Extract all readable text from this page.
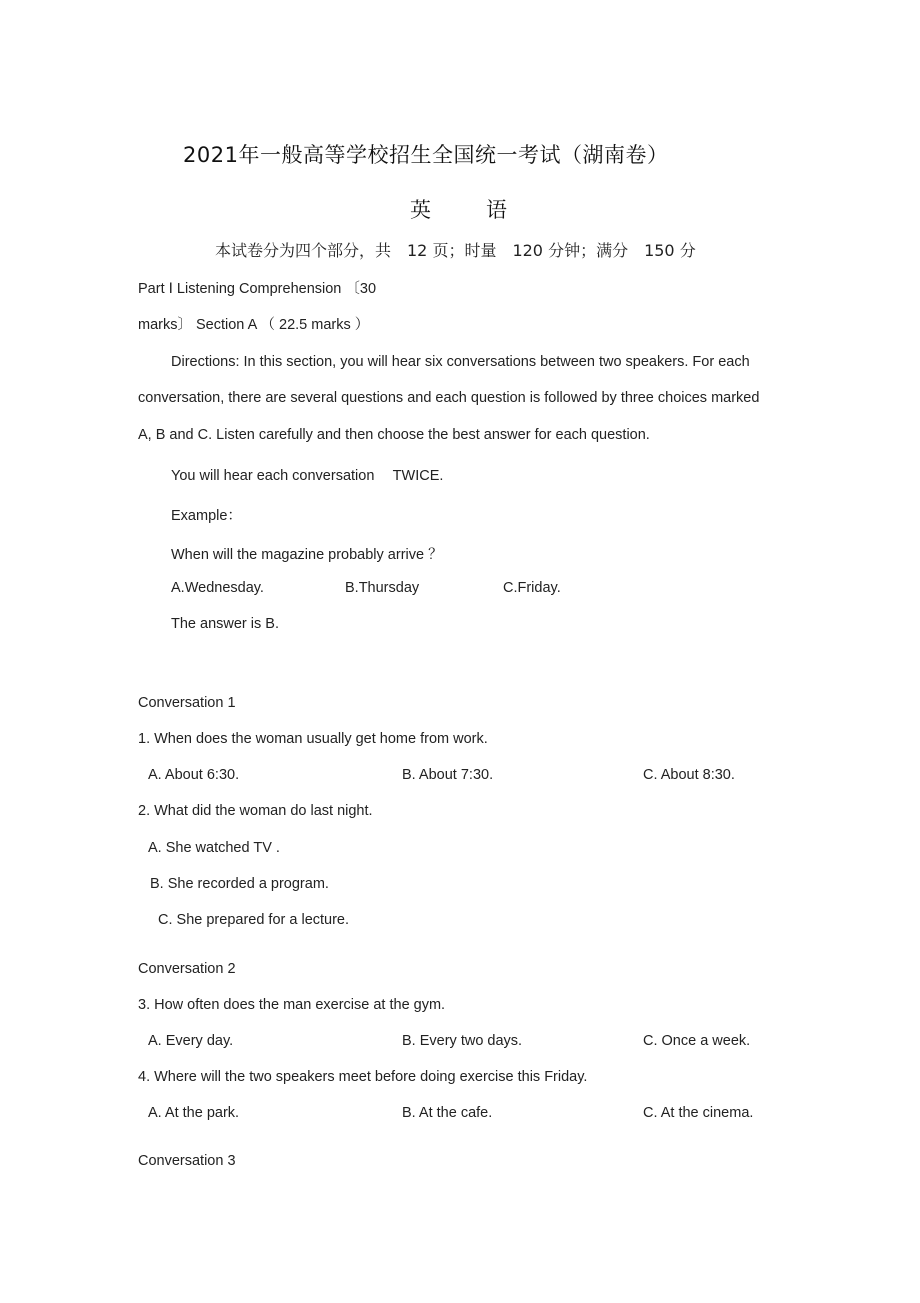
2021年一般高等学校招生全国统一考试（湖南卷）
英	语
本试卷分为四个部分，共　12 页；时量　120 分钟；满分　150 分
Part Ⅰ Listening Comprehension 〔30
marks〕 Section A （ 22.5 marks ）
Directions: In this section, you will hear six conversations between two speakers. For each
conversation, there are several questions and each question is followed by three choices marked
A, B and C. Listen carefully and then choose the best answer for each question.
You will hear each conversation　 TWICE.
Example：
When will the magazine probably arrive ？
A.Wednesday.	B.Thursday	C.Friday.
The answer is B.
Conversation 1
1. When does the woman usually get home from work.
A. About 6:30.	B. About 7:30.	C. About 8:30.
2. What did the woman do last night.
A. She watched TV .
B. She recorded a program.
C. She prepared for a lecture.
Conversation 2
3. How often does the man exercise at the gym.
A. Every day.	B. Every two days.	C. Once a week.
4. Where will the two speakers meet before doing exercise this Friday.
A. At the park.	B. At the cafe.	C. At the cinema.
Conversation 3
